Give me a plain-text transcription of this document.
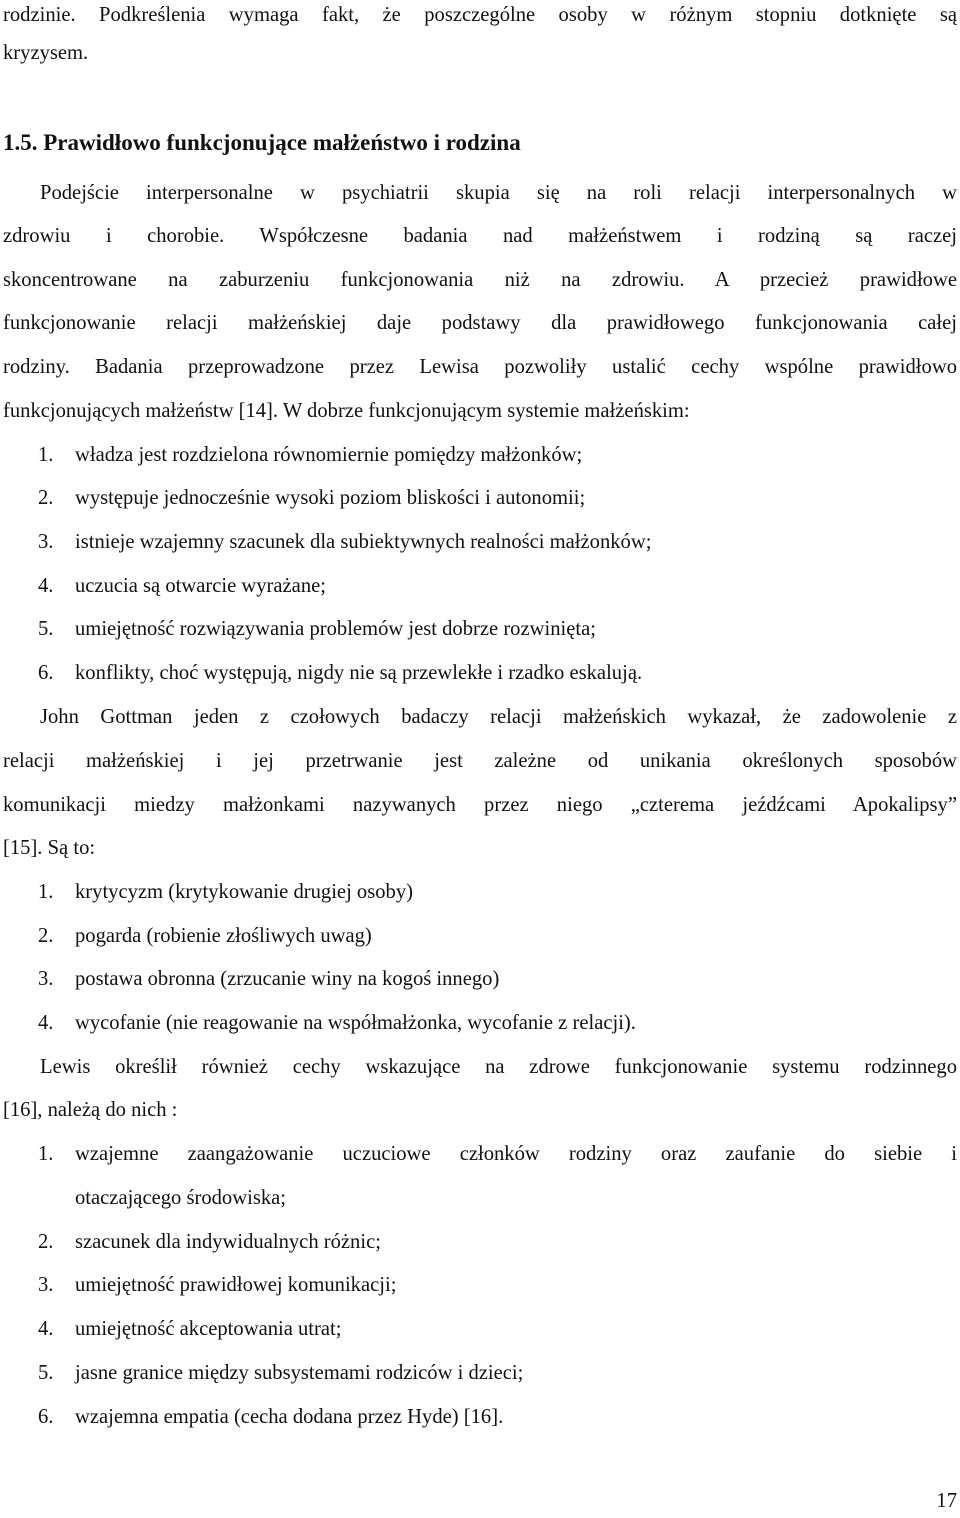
rodzinie. Podkreślenia wymaga fakt, że poszczególne osoby w różnym stopniu dotknięte są
kryzysem.
1.5. Prawidłowo funkcjonujące małżeństwo i rodzina
Podejście interpersonalne w psychiatrii skupia się na roli relacji interpersonalnych w
zdrowiu i chorobie. Współczesne badania nad małżeństwem i rodziną są raczej
skoncentrowane na zaburzeniu funkcjonowania niż na zdrowiu. A przecież prawidłowe
funkcjonowanie relacji małżeńskiej daje podstawy dla prawidłowego funkcjonowania całej
rodziny. Badania przeprowadzone przez Lewisa pozwoliły ustalić cechy wspólne prawidłowo
funkcjonujących małżeństw [14]. W dobrze funkcjonującym systemie małżeńskim:
1. władza jest rozdzielona równomiernie pomiędzy małżonków;
2. występuje jednocześnie wysoki poziom bliskości i autonomii;
3. istnieje wzajemny szacunek dla subiektywnych realności małżonków;
4. uczucia są otwarcie wyrażane;
5. umiejętność rozwiązywania problemów jest dobrze rozwinięta;
6. konflikty, choć występują, nigdy nie są przewlekłe i rzadko eskalują.
John Gottman jeden z czołowych badaczy relacji małżeńskich wykazał, że zadowolenie z
relacji małżeńskiej i jej przetrwanie jest zależne od unikania określonych sposobów
komunikacji miedzy małżonkami nazywanych przez niego „czterema jeźdźcami Apokalipsy”
[15]. Są to:
1. krytycyzm (krytykowanie drugiej osoby)
2. pogarda (robienie złośliwych uwag)
3. postawa obronna (zrzucanie winy na kogoś innego)
4. wycofanie (nie reagowanie na współmałżonka, wycofanie z relacji).
Lewis określił również cechy wskazujące na zdrowe funkcjonowanie systemu rodzinnego
[16], należą do nich :
1. wzajemne zaangażowanie uczuciowe członków rodziny oraz zaufanie do siebie i
otaczającego środowiska;
2. szacunek dla indywidualnych różnic;
3. umiejętność prawidłowej komunikacji;
4. umiejętność akceptowania utrat;
5. jasne granice między subsystemami rodziców i dzieci;
6. wzajemna empatia (cecha dodana przez Hyde) [16].
17
